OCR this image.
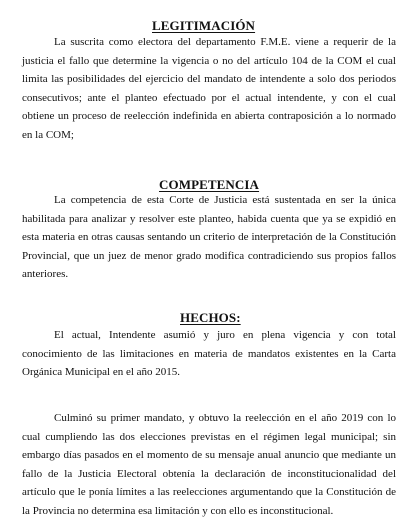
LEGITIMACIÓN

La suscrita como electora del departamento F.M.E. viene a requerir de la justicia el fallo que determine la vigencia o no del artículo 104 de la COM el cual limita las posibilidades del ejercicio del mandato de intendente a solo dos periodos consecutivos; ante el planteo efectuado por el actual intendente, y con el cual obtiene un proceso de reelección indefinida en abierta contraposición a lo normado en la COM;

COMPETENCIA

La competencia de esta Corte de Justicia está sustentada en ser la única habilitada para analizar y resolver este planteo, habida cuenta que ya se expidió en esta materia en otras causas sentando un criterio de interpretación de la Constitución Provincial, que un juez de menor grado modifica contradiciendo sus propios fallos anteriores.

HECHOS:

El actual, Intendente asumió y juro en plena vigencia y con total conocimiento de las limitaciones en materia de mandatos existentes en la Carta Orgánica Municipal en el año 2015.

Culminó su primer mandato, y obtuvo la reelección en el año 2019 con lo cual cumpliendo las dos elecciones previstas en el régimen legal municipal; sin embargo días pasados en el momento de su mensaje anual anuncio que mediante un fallo de la Justicia Electoral obtenía la declaración de inconstitucionalidad del artículo que le ponía límites a las reelecciones argumentando que la Constitución de la Provincia no determina esa limitación y con ello es inconstitucional.
